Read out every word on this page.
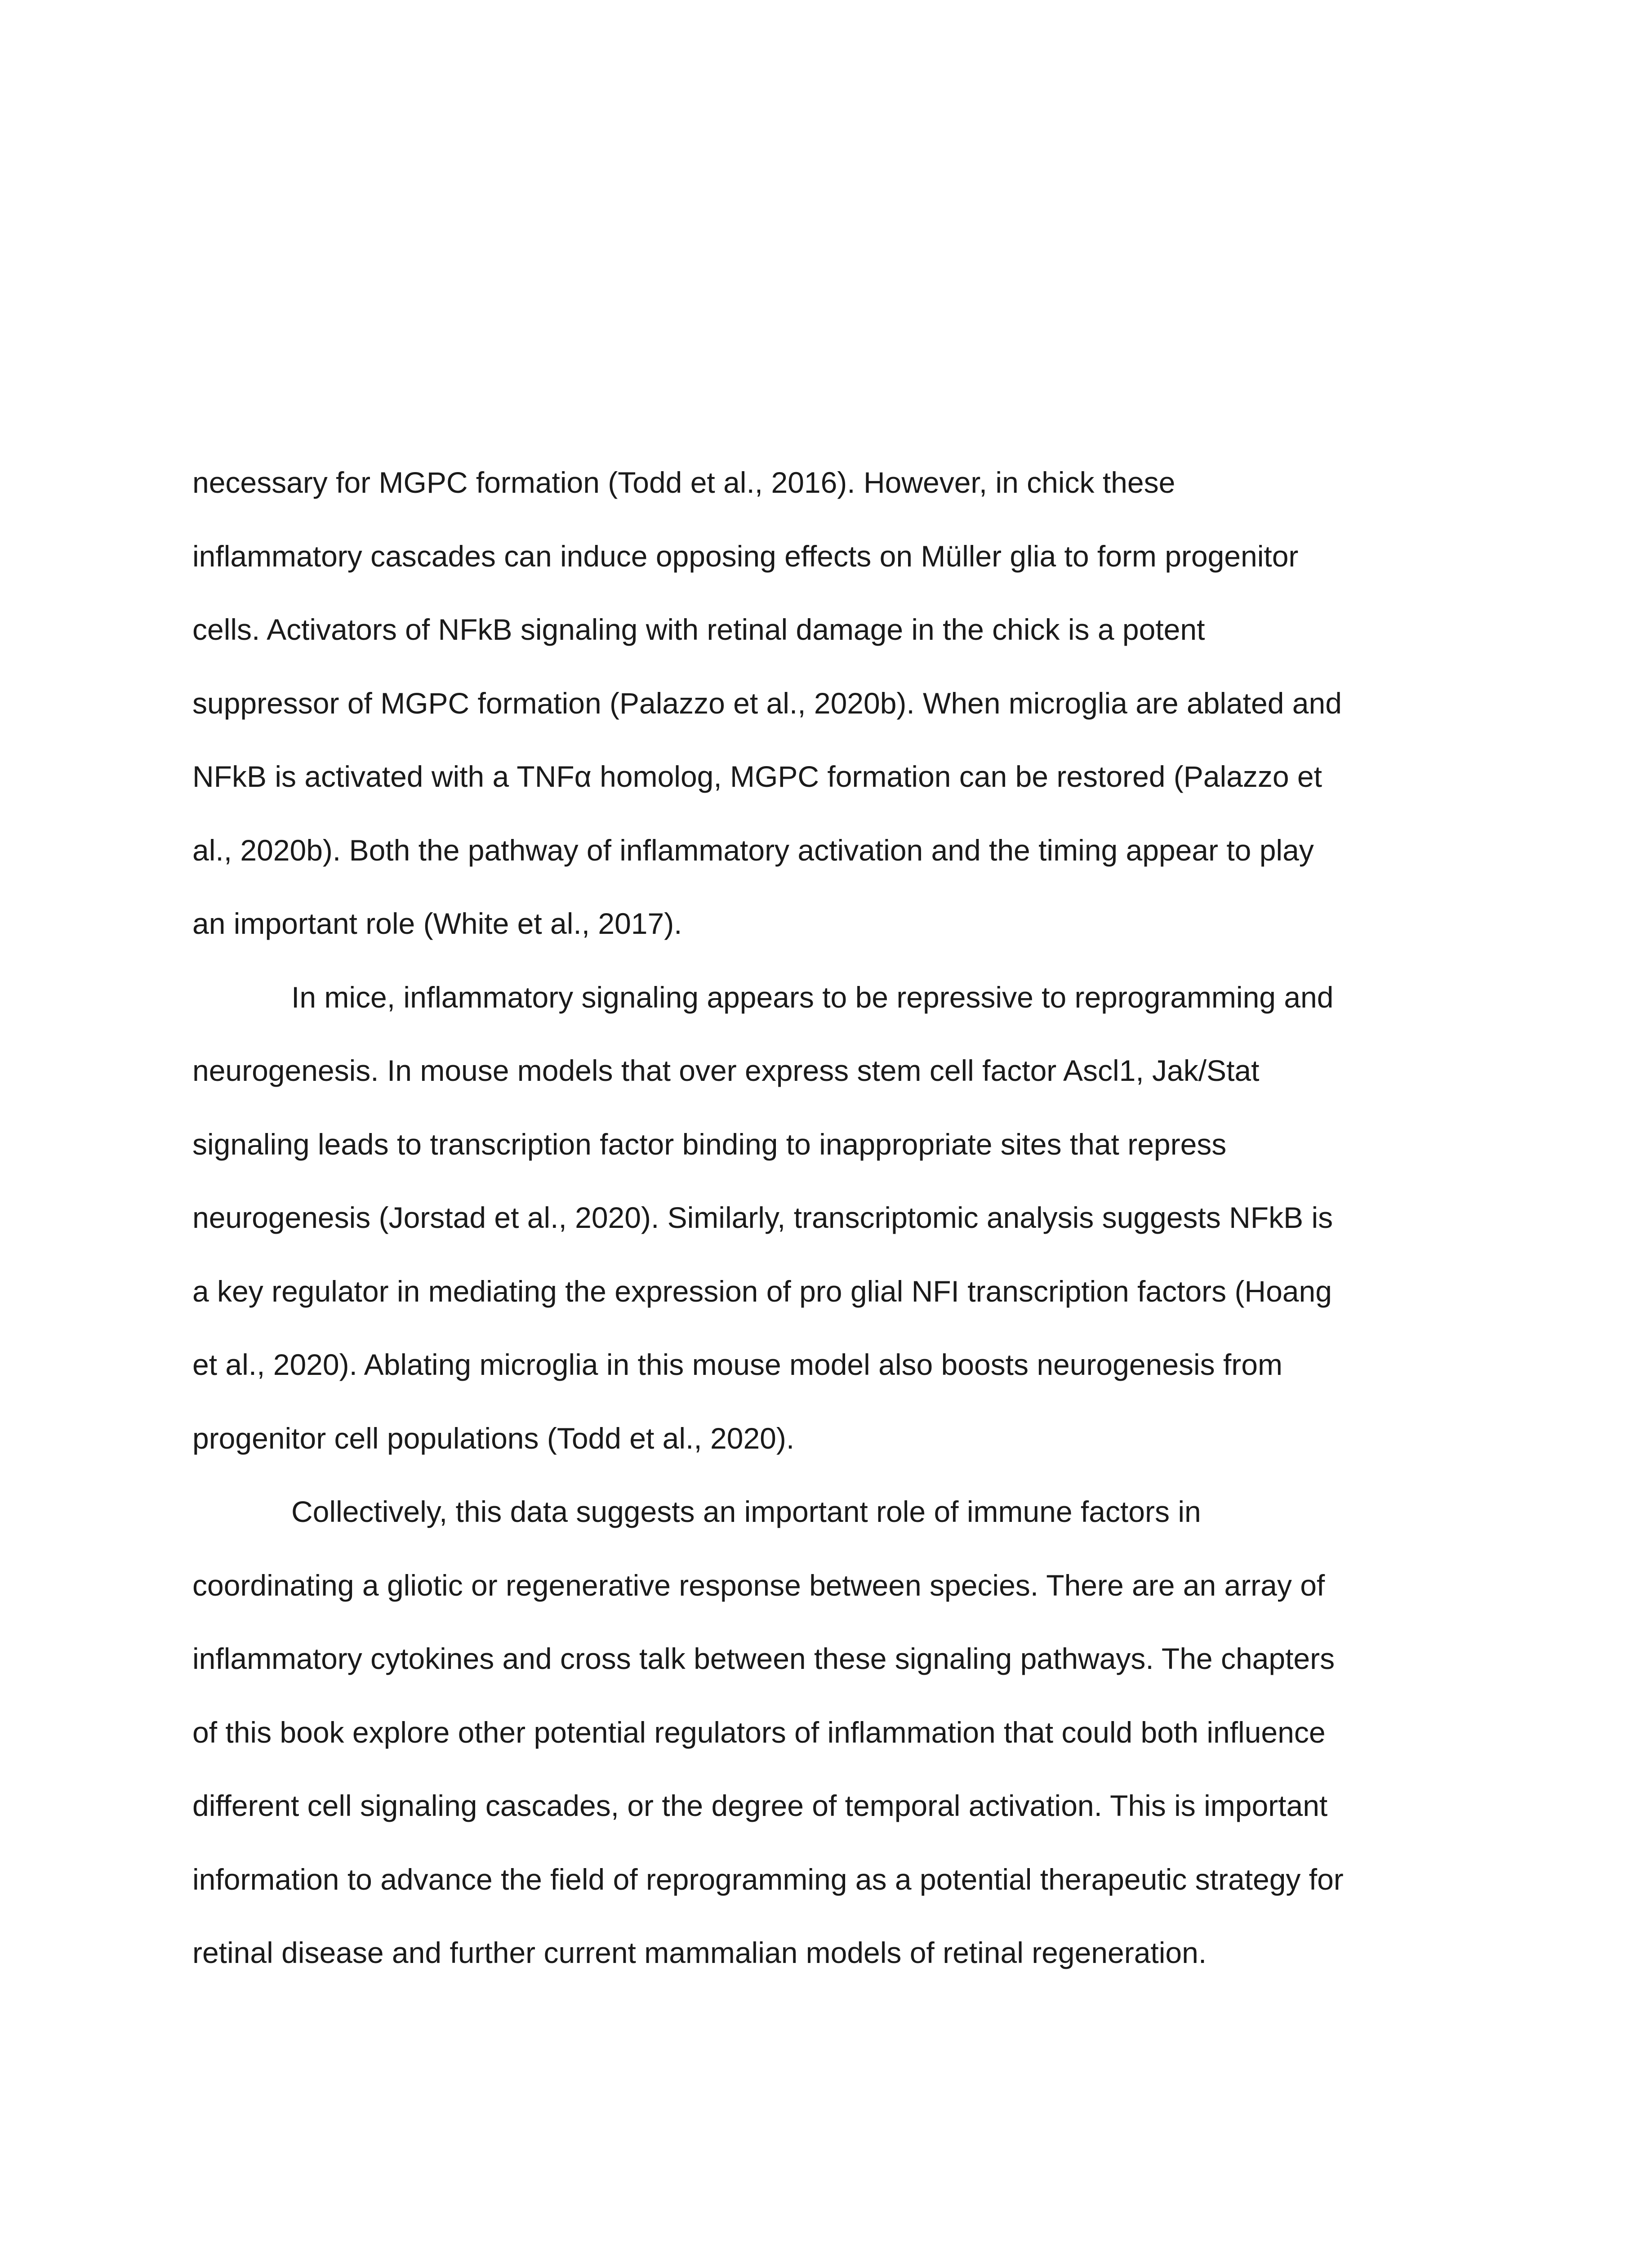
necessary for MGPC formation (Todd et al., 2016). However, in chick these
inflammatory cascades can induce opposing effects on Müller glia to form progenitor
cells. Activators of NFkB signaling with retinal damage in the chick is a potent
suppressor of MGPC formation (Palazzo et al., 2020b). When microglia are ablated and
NFkB is activated with a TNFα homolog, MGPC formation can be restored (Palazzo et
al., 2020b). Both the pathway of inflammatory activation and the timing appear to play
an important role (White et al., 2017).

In mice, inflammatory signaling appears to be repressive to reprogramming and
neurogenesis. In mouse models that over express stem cell factor Ascl1, Jak/Stat
signaling leads to transcription factor binding to inappropriate sites that repress
neurogenesis (Jorstad et al., 2020). Similarly, transcriptomic analysis suggests NFkB is
a key regulator in mediating the expression of pro glial NFI transcription factors (Hoang
et al., 2020). Ablating microglia in this mouse model also boosts neurogenesis from
progenitor cell populations (Todd et al., 2020).

Collectively, this data suggests an important role of immune factors in
coordinating a gliotic or regenerative response between species. There are an array of
inflammatory cytokines and cross talk between these signaling pathways. The chapters
of this book explore other potential regulators of inflammation that could both influence
different cell signaling cascades, or the degree of temporal activation. This is important
information to advance the field of reprogramming as a potential therapeutic strategy for
retinal disease and further current mammalian models of retinal regeneration.
